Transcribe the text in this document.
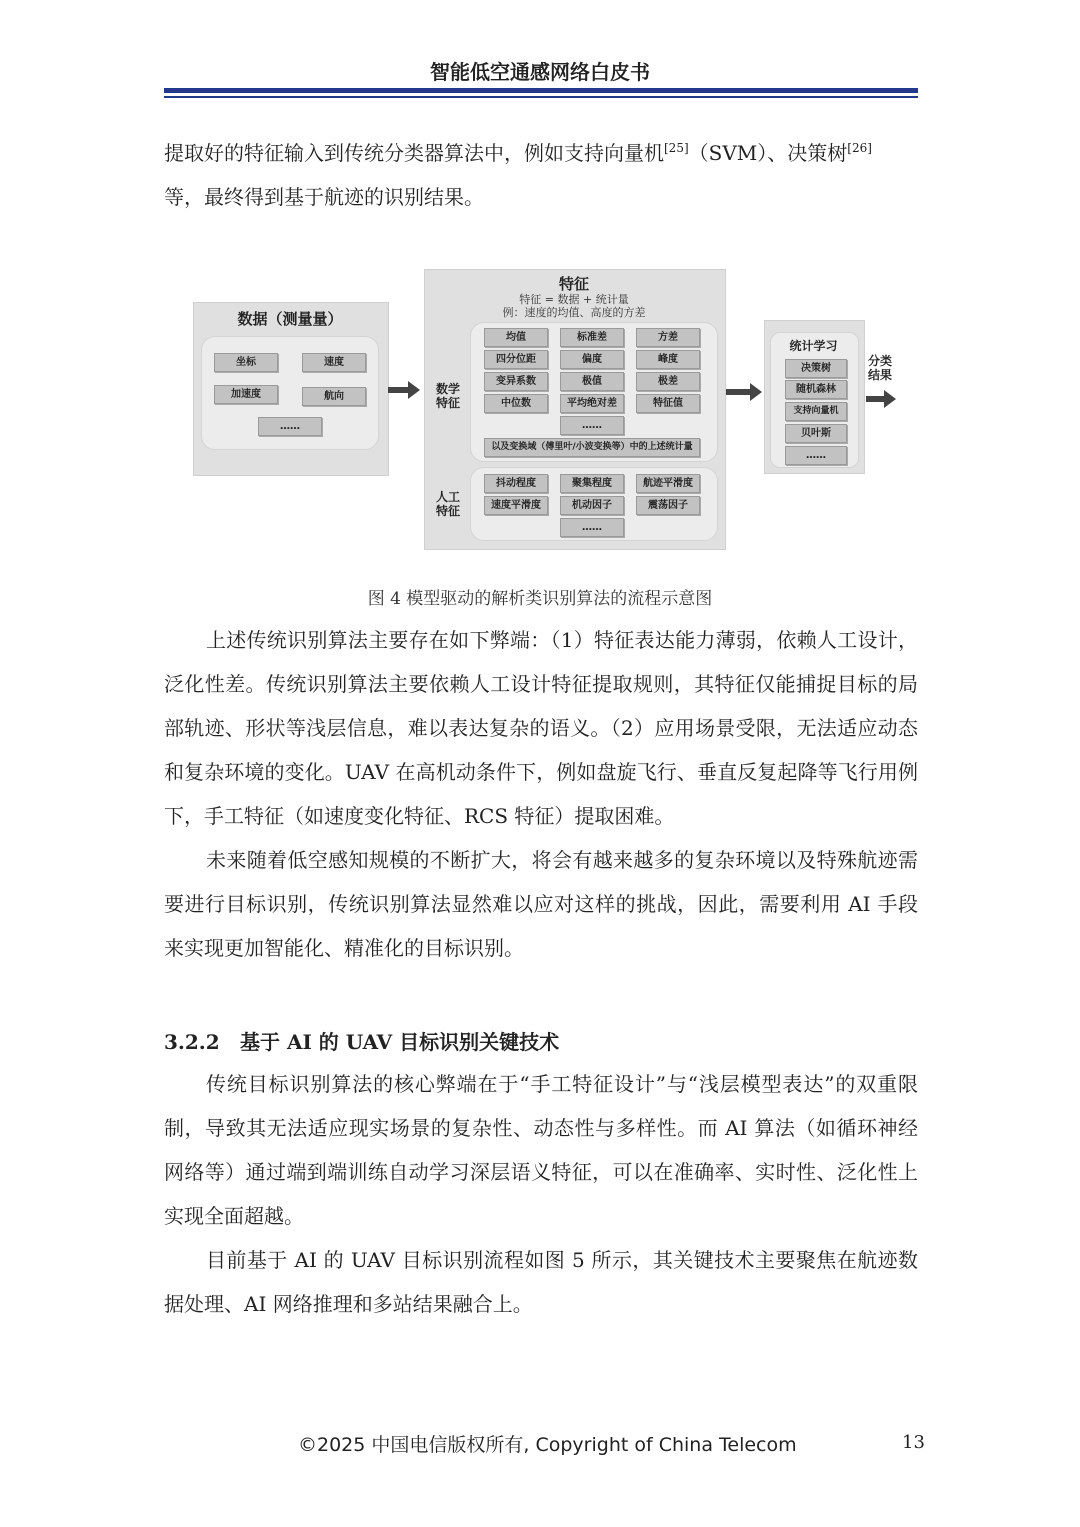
智能低空通感网络白皮书

提取好的特征输入到传统分类器算法中，例如支持向量机[25]（SVM）、决策树[26]
等，最终得到基于航迹的识别结果。

数据（测量量）
坐标	速度
加速度	航向
……
特征
特征 = 数据 + 统计量
例：速度的均值、高度的方差
数学特征
均值	标准差	方差
四分位距	偏度	峰度
变异系数	极值	极差
中位数	平均绝对差	特征值
……
以及变换域（傅里叶/小波变换等）中的上述统计量
人工特征
抖动程度	聚集程度	航迹平滑度
速度平滑度	机动因子	震荡因子
……
统计学习
决策树
随机森林
支持向量机
贝叶斯
……
分类结果
图 4 模型驱动的解析类识别算法的流程示意图

上述传统识别算法主要存在如下弊端：（1）特征表达能力薄弱，依赖人工设计，泛化性差。传统识别算法主要依赖人工设计特征提取规则，其特征仅能捕捉目标的局部轨迹、形状等浅层信息，难以表达复杂的语义。（2）应用场景受限，无法适应动态和复杂环境的变化。UAV 在高机动条件下，例如盘旋飞行、垂直反复起降等飞行用例下，手工特征（如速度变化特征、RCS 特征）提取困难。

未来随着低空感知规模的不断扩大，将会有越来越多的复杂环境以及特殊航迹需要进行目标识别，传统识别算法显然难以应对这样的挑战，因此，需要利用 AI 手段来实现更加智能化、精准化的目标识别。

3.2.2 基于 AI 的 UAV 目标识别关键技术

传统目标识别算法的核心弊端在于“手工特征设计”与“浅层模型表达”的双重限制，导致其无法适应现实场景的复杂性、动态性与多样性。而 AI 算法（如循环神经网络等）通过端到端训练自动学习深层语义特征，可以在准确率、实时性、泛化性上实现全面超越。

目前基于 AI 的 UAV 目标识别流程如图 5 所示，其关键技术主要聚焦在航迹数据处理、AI 网络推理和多站结果融合上。

©2025 中国电信版权所有, Copyright of China Telecom	13
